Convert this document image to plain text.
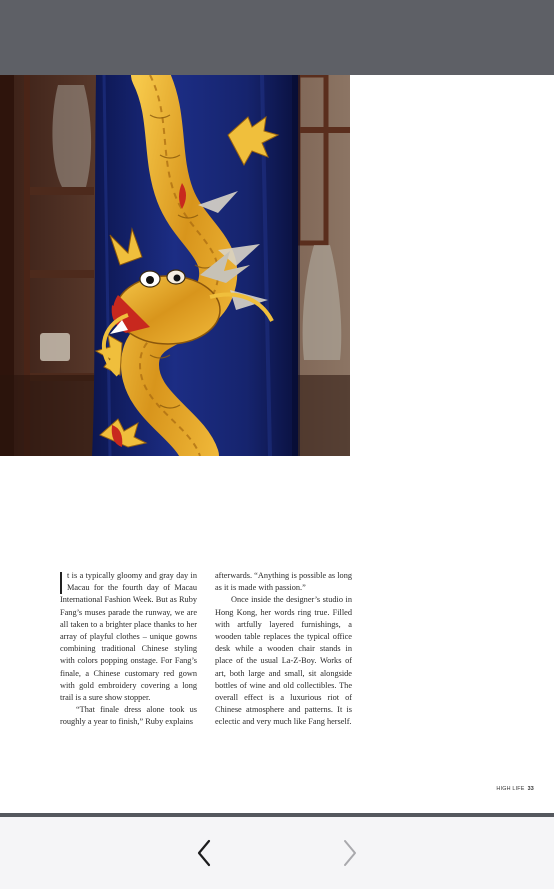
t is a typically gloomy and gray day in Macau for the fourth day of Macau International Fashion Week. But as Ruby Fang’s muses parade the runway, we are all taken to a brighter place thanks to her array of playful clothes – unique gowns combining traditional Chinese styling with colors popping onstage. For Fang’s finale, a Chinese customary red gown with gold embroidery covering a long trail is a sure show stopper.

“That finale dress alone took us roughly a year to finish,” Ruby explains

afterwards. “Anything is possible as long as it is made with passion.”

Once inside the designer’s studio in Hong Kong, her words ring true. Filled with artfully layered furnishings, a wooden table replaces the typical office desk while a wooden chair stands in place of the usual La-Z-Boy. Works of art, both large and small, sit alongside bottles of wine and old collectibles. The overall effect is a luxurious riot of Chinese atmosphere and patterns. It is eclectic and very much like Fang herself.

HIGH LIFE 33
